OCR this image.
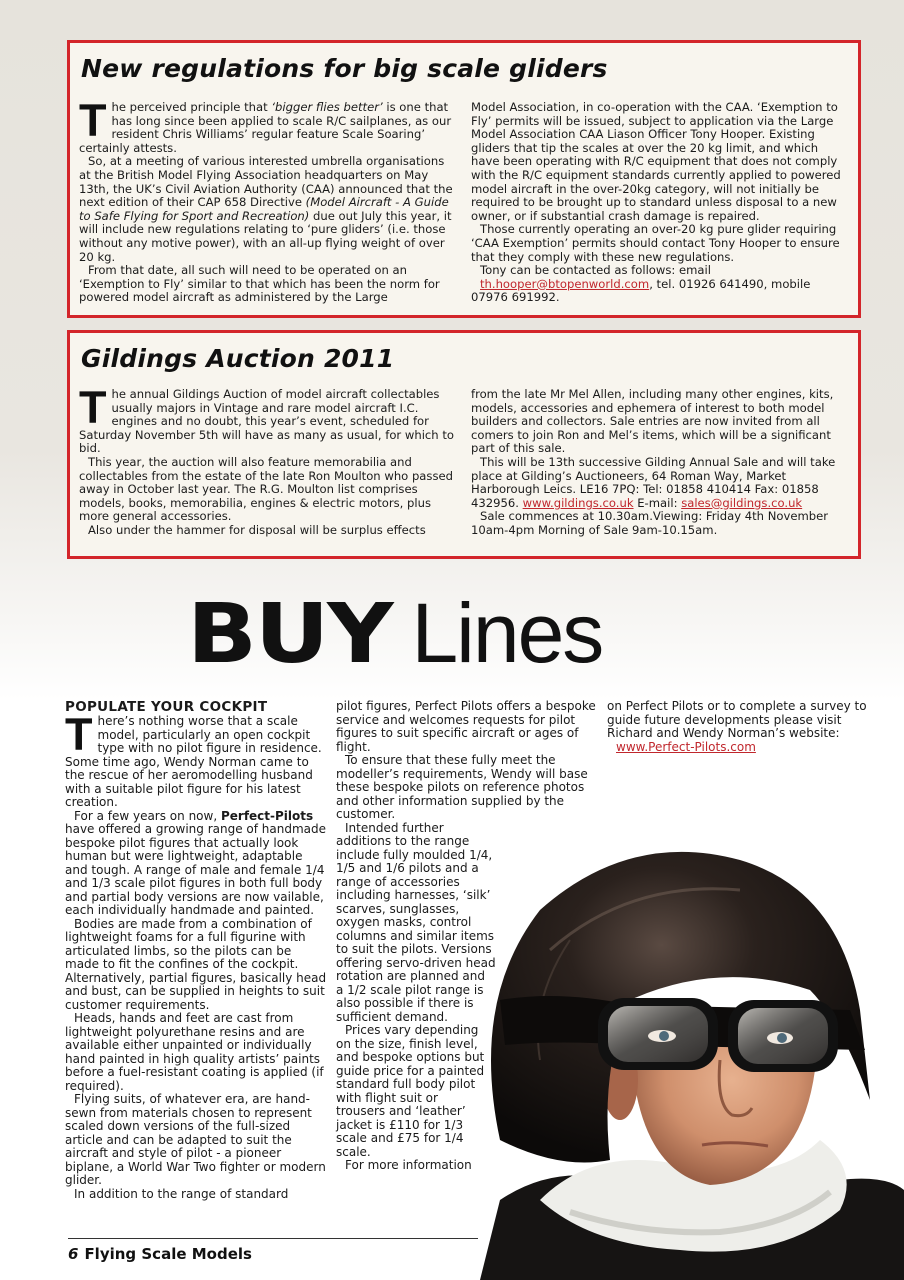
New regulations for big scale gliders
The perceived principle that ‘bigger flies better’ is one that has long since been applied to scale R/C sailplanes, as our resident Chris Williams’ regular feature Scale Soaring’ certainly attests.
So, at a meeting of various interested umbrella organisations at the British Model Flying Association headquarters on May 13th, the UK’s Civil Aviation Authority (CAA) announced that the next edition of their CAP 658 Directive (Model Aircraft - A Guide to Safe Flying for Sport and Recreation) due out July this year, it will include new regulations relating to ‘pure gliders’ (i.e. those without any motive power), with an all-up flying weight of over 20 kg.
From that date, all such will need to be operated on an ‘Exemption to Fly’ similar to that which has been the norm for powered model aircraft as administered by the Large
Model Association, in co-operation with the CAA. ‘Exemption to Fly’ permits will be issued, subject to application via the Large Model Association CAA Liason Officer Tony Hooper. Existing gliders that tip the scales at over the 20 kg limit, and which have been operating with R/C equipment that does not comply with the R/C equipment standards currently applied to powered model aircraft in the over-20kg category, will not initially be required to be brought up to standard unless disposal to a new owner, or if substantial crash damage is repaired.
Those currently operating an over-20 kg pure glider requiring ‘CAA Exemption’ permits should contact Tony Hooper to ensure that they comply with these new regulations.
Tony can be contacted as follows: email
th.hooper@btopenworld.com, tel. 01926 641490, mobile 07976 691992.
Gildings Auction 2011
The annual Gildings Auction of model aircraft collectables usually majors in Vintage and rare model aircraft I.C. engines and no doubt, this year’s event, scheduled for Saturday November 5th will have as many as usual, for which to bid.
This year, the auction will also feature memorabilia and collectables from the estate of the late Ron Moulton who passed away in October last year. The R.G. Moulton list comprises models, books, memorabilia, engines & electric motors, plus more general accessories.
Also under the hammer for disposal will be surplus effects
from the late Mr Mel Allen, including many other engines, kits, models, accessories and ephemera of interest to both model builders and collectors. Sale entries are now invited from all comers to join Ron and Mel’s items, which will be a significant part of this sale.
This will be 13th successive Gilding Annual Sale and will take place at Gilding’s Auctioneers, 64 Roman Way, Market Harborough Leics. LE16 7PQ: Tel: 01858 410414 Fax: 01858 432956. www.gildings.co.uk E-mail: sales@gildings.co.uk
Sale commences at 10.30am.Viewing: Friday 4th November 10am-4pm Morning of Sale 9am-10.15am.
BUY Lines
POPULATE YOUR COCKPIT
There’s nothing worse that a scale model, particularly an open cockpit type with no pilot figure in residence. Some time ago, Wendy Norman came to the rescue of her aeromodelling husband with a suitable pilot figure for his latest creation.
For a few years on now, Perfect-Pilots have offered a growing range of handmade bespoke pilot figures that actually look human but were lightweight, adaptable and tough. A range of male and female 1/4 and 1/3 scale pilot figures in both full body and partial body versions are now vailable, each individually handmade and painted.
Bodies are made from a combination of lightweight foams for a full figurine with articulated limbs, so the pilots can be made to fit the confines of the cockpit. Alternatively, partial figures, basically head and bust, can be supplied in heights to suit customer requirements.
Heads, hands and feet are cast from lightweight polyurethane resins and are available either unpainted or individually hand painted in high quality artists’ paints before a fuel-resistant coating is applied (if required).
Flying suits, of whatever era, are hand-sewn from materials chosen to represent scaled down versions of the full-sized article and can be adapted to suit the aircraft and style of pilot - a pioneer biplane, a World War Two fighter or modern glider.
In addition to the range of standard
pilot figures, Perfect Pilots offers a bespoke service and welcomes requests for pilot figures to suit specific aircraft or ages of flight.
To ensure that these fully meet the modeller’s requirements, Wendy will base these bespoke pilots on reference photos and other information supplied by the customer.
Intended further additions to the range include fully moulded 1/4, 1/5 and 1/6 pilots and a range of accessories including harnesses, ‘silk’ scarves, sunglasses, oxygen masks, control columns and similar items to suit the pilots. Versions offering servo-driven head rotation are planned and a 1/2 scale pilot range is also possible if there is sufficient demand.
Prices vary depending on the size, finish level, and bespoke options but guide price for a painted standard full body pilot with flight suit or trousers and ‘leather’ jacket is £110 for 1/3 scale and £75 for 1/4 scale.
For more information
on Perfect Pilots or to complete a survey to guide future developments please visit Richard and Wendy Norman’s website:
www.Perfect-Pilots.com
6 Flying Scale Models
